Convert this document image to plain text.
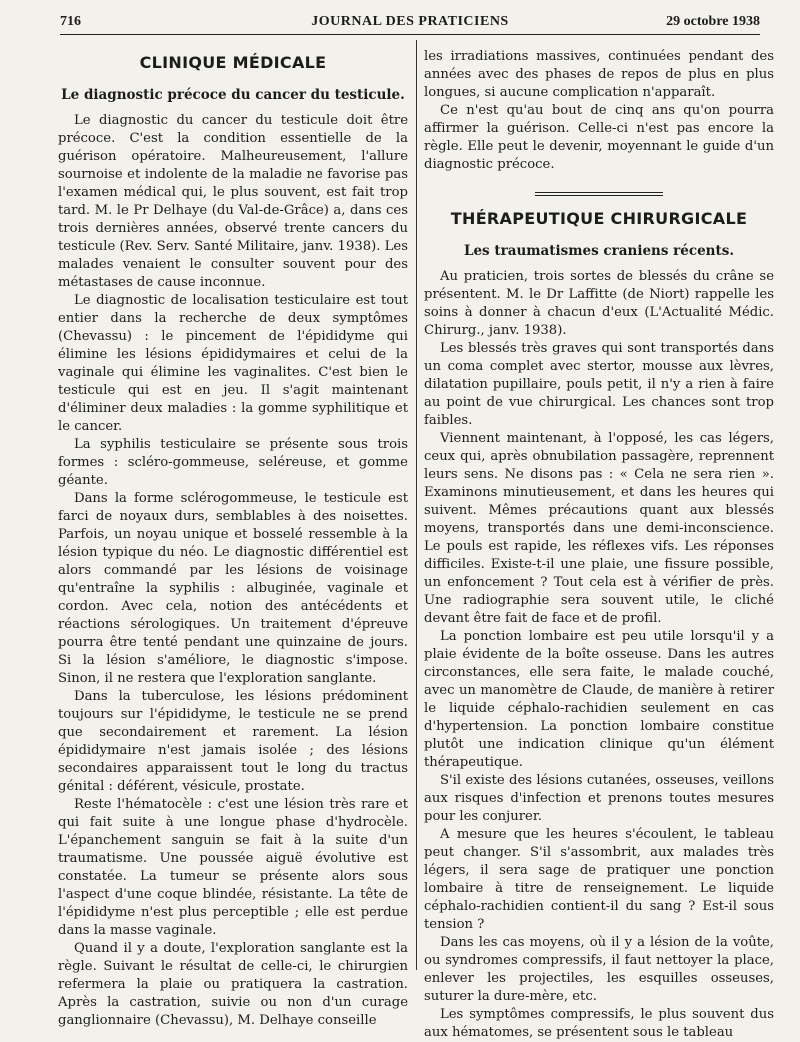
716	JOURNAL DES PRATICIENS	29 octobre 1938
CLINIQUE MÉDICALE
Le diagnostic précoce du cancer du testicule.

Le diagnostic du cancer du testicule doit être précoce. C'est la condition essentielle de la guérison opératoire. Malheureusement, l'allure sournoise et indolente de la maladie ne favorise pas l'examen médical qui, le plus souvent, est fait trop tard. M. le Pr Delhaye (du Val-de-Grâce) a, dans ces trois dernières années, observé trente cancers du testicule (Rev. Serv. Santé Militaire, janv. 1938). Les malades venaient le consulter souvent pour des métastases de cause inconnue.

Le diagnostic de localisation testiculaire est tout entier dans la recherche de deux symptômes (Chevassu) : le pincement de l'épididyme qui élimine les lésions épididymaires et celui de la vaginale qui élimine les vaginalites. C'est bien le testicule qui est en jeu. Il s'agit maintenant d'éliminer deux maladies : la gomme syphilitique et le cancer.

La syphilis testiculaire se présente sous trois formes : scléro-gommeuse, seléreuse, et gomme géante.

Dans la forme sclérogommeuse, le testicule est farci de noyaux durs, semblables à des noisettes. Parfois, un noyau unique et bosselé ressemble à la lésion typique du néo. Le diagnostic différentiel est alors commandé par les lésions de voisinage qu'entraîne la syphilis : albuginée, vaginale et cordon. Avec cela, notion des antécédents et réactions sérologiques. Un traitement d'épreuve pourra être tenté pendant une quinzaine de jours. Si la lésion s'améliore, le diagnostic s'impose. Sinon, il ne restera que l'exploration sanglante.

Dans la tuberculose, les lésions prédominent toujours sur l'épididyme, le testicule ne se prend que secondairement et rarement. La lésion épididymaire n'est jamais isolée ; des lésions secondaires apparaissent tout le long du tractus génital : déférent, vésicule, prostate.

Reste l'hématocèle : c'est une lésion très rare et qui fait suite à une longue phase d'hydrocèle. L'épanchement sanguin se fait à la suite d'un traumatisme. Une poussée aiguë évolutive est constatée. La tumeur se présente alors sous l'aspect d'une coque blindée, résistante. La tête de l'épididyme n'est plus perceptible ; elle est perdue dans la masse vaginale.

Quand il y a doute, l'exploration sanglante est la règle. Suivant le résultat de celle-ci, le chirurgien refermera la plaie ou pratiquera la castration. Après la castration, suivie ou non d'un curage ganglionnaire (Chevassu), M. Delhaye conseille

les irradiations massives, continuées pendant des années avec des phases de repos de plus en plus longues, si aucune complication n'apparaît.

Ce n'est qu'au bout de cinq ans qu'on pourra affirmer la guérison. Celle-ci n'est pas encore la règle. Elle peut le devenir, moyennant le guide d'un diagnostic précoce.

THÉRAPEUTIQUE CHIRURGICALE
Les traumatismes craniens récents.

Au praticien, trois sortes de blessés du crâne se présentent. M. le Dr Laffitte (de Niort) rappelle les soins à donner à chacun d'eux (L'Actualité Médic. Chirurg., janv. 1938).

Les blessés très graves qui sont transportés dans un coma complet avec stertor, mousse aux lèvres, dilatation pupillaire, pouls petit, il n'y a rien à faire au point de vue chirurgical. Les chances sont trop faibles.

Viennent maintenant, à l'opposé, les cas légers, ceux qui, après obnubilation passagère, reprennent leurs sens. Ne disons pas : « Cela ne sera rien ». Examinons minutieusement, et dans les heures qui suivent. Mêmes précautions quant aux blessés moyens, transportés dans une demi-inconscience. Le pouls est rapide, les réflexes vifs. Les réponses difficiles. Existe-t-il une plaie, une fissure possible, un enfoncement ? Tout cela est à vérifier de près. Une radiographie sera souvent utile, le cliché devant être fait de face et de profil.

La ponction lombaire est peu utile lorsqu'il y a plaie évidente de la boîte osseuse. Dans les autres circonstances, elle sera faite, le malade couché, avec un manomètre de Claude, de manière à retirer le liquide céphalo-rachidien seulement en cas d'hypertension. La ponction lombaire constitue plutôt une indication clinique qu'un élément thérapeutique.

S'il existe des lésions cutanées, osseuses, veillons aux risques d'infection et prenons toutes mesures pour les conjurer.

A mesure que les heures s'écoulent, le tableau peut changer. S'il s'assombrit, aux malades très légers, il sera sage de pratiquer une ponction lombaire à titre de renseignement. Le liquide céphalo-rachidien contient-il du sang ? Est-il sous tension ?

Dans les cas moyens, où il y a lésion de la voûte, ou syndromes compressifs, il faut nettoyer la place, enlever les projectiles, les esquilles osseuses, suturer la dure-mère, etc.

Les symptômes compressifs, le plus souvent dus aux hématomes, se présentent sous le tableau
